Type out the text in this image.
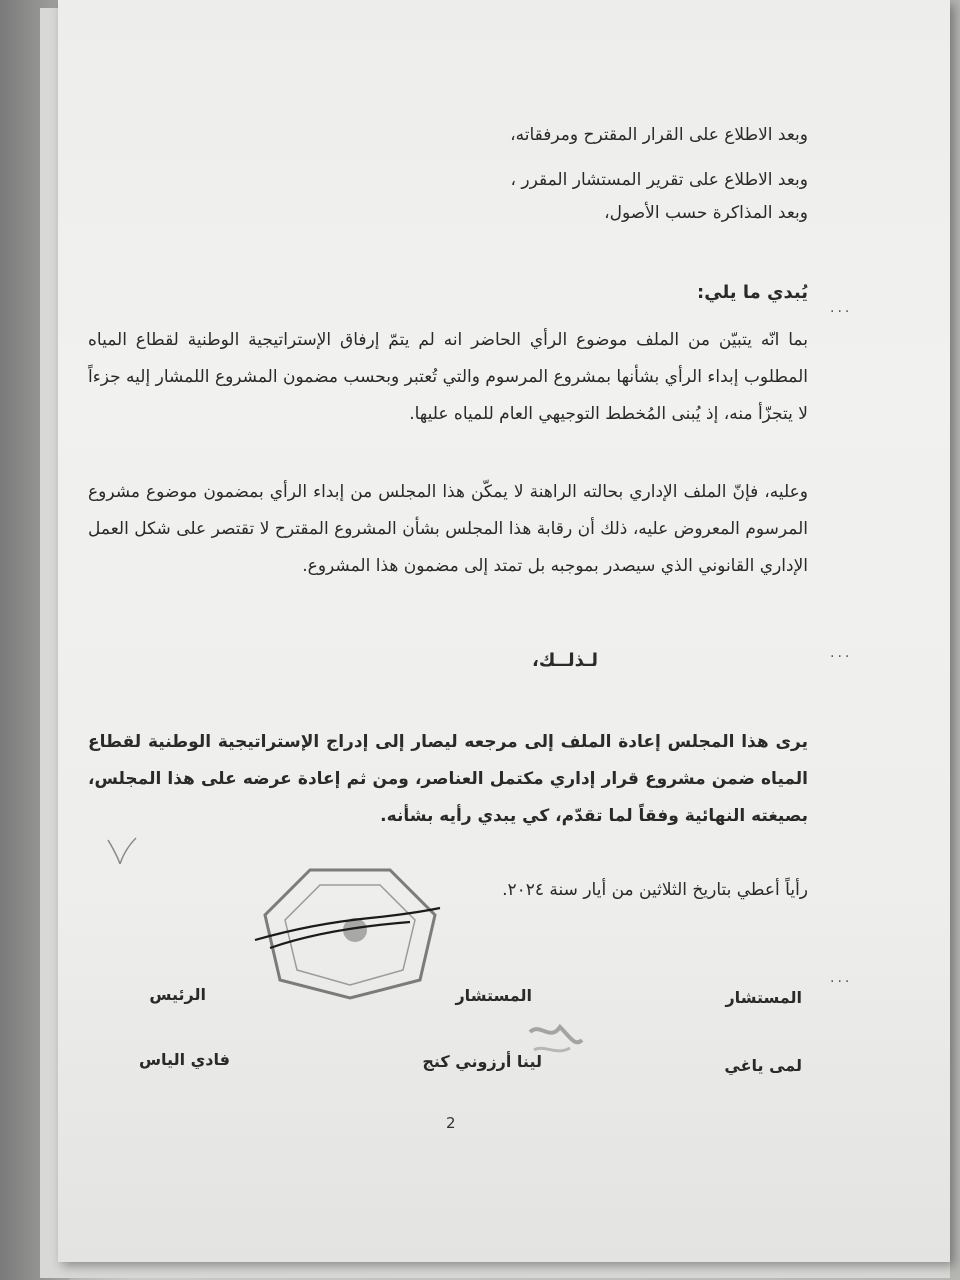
وبعد الاطلاع على القرار المقترح ومرفقاته،
وبعد الاطلاع على تقرير المستشار المقرر ،
وبعد المذاكرة حسب الأصول،
يُبدي ما يلي:
بما انّه يتبيّن من الملف موضوع الرأي الحاضر انه لم يتمّ إرفاق الإستراتيجية الوطنية لقطاع المياه المطلوب إبداء الرأي بشأنها بمشروع المرسوم والتي تُعتبر وبحسب مضمون المشروع اللمشار إليه جزءاً لا يتجزّأ منه، إذ يُبنى المُخطط التوجيهي العام للمياه عليها.
وعليه، فإنّ الملف الإداري بحالته الراهنة لا يمكّن هذا المجلس من إبداء الرأي بمضمون موضوع مشروع المرسوم المعروض عليه، ذلك أن رقابة هذا المجلس بشأن المشروع المقترح لا تقتصر على شكل العمل الإداري القانوني الذي سيصدر بموجبه بل تمتد إلى مضمون هذا المشروع.
لـذلــك،
يرى هذا المجلس إعادة الملف إلى مرجعه ليصار إلى إدراج الإستراتيجية الوطنية لقطاع المياه ضمن مشروع قرار إداري مكتمل العناصر، ومن ثم إعادة عرضه على هذا المجلس، بصيغته النهائية وفقاً لما تقدّم، كي يبدي رأيه بشأنه.
رأياً أعطي بتاريخ الثلاثين من أيار سنة ٢٠٢٤.
...
...
...
المستشار
المستشار
الرئيس
لمى ياغي
لينا أرزوني كنج
فادي الياس
2
